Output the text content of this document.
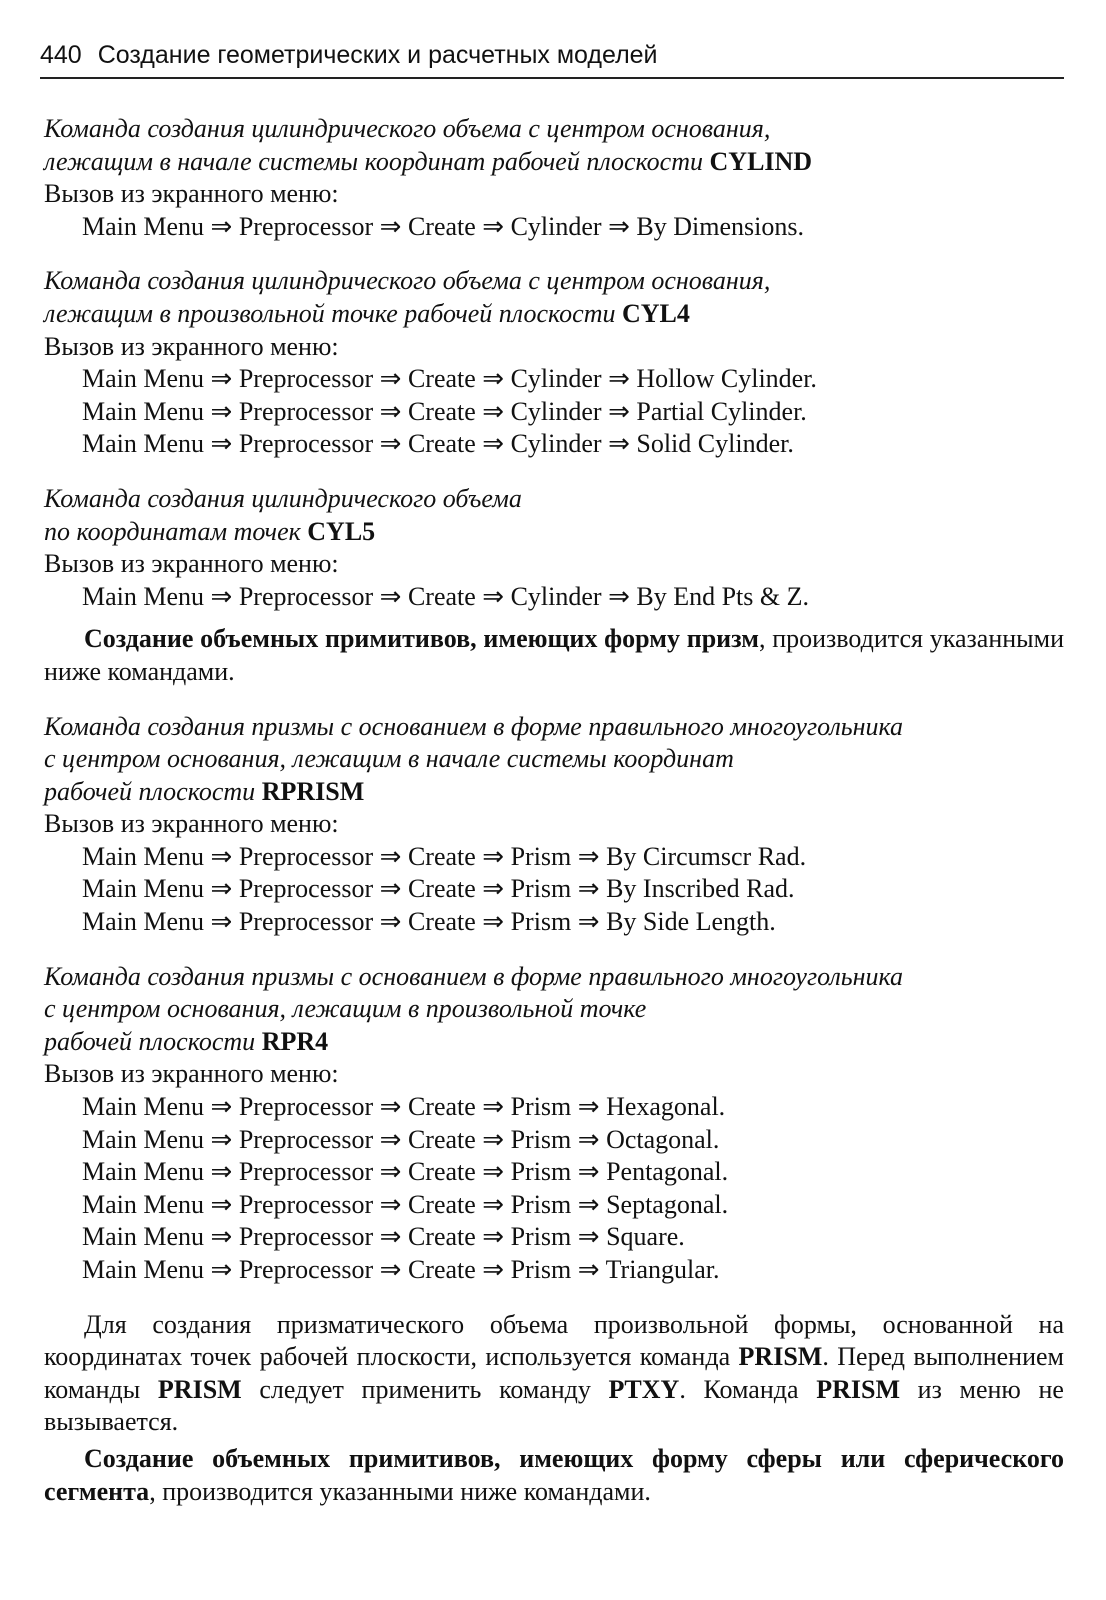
440 Создание геометрических и расчетных моделей
Команда создания цилиндрического объема с центром основания,
лежащим в начале системы координат рабочей плоскости CYLIND
Вызов из экранного меню:
Main Menu ⇒ Preprocessor ⇒ Create ⇒ Cylinder ⇒ By Dimensions.
Команда создания цилиндрического объема с центром основания,
лежащим в произвольной точке рабочей плоскости CYL4
Вызов из экранного меню:
Main Menu ⇒ Preprocessor ⇒ Create ⇒ Cylinder ⇒ Hollow Cylinder.
Main Menu ⇒ Preprocessor ⇒ Create ⇒ Cylinder ⇒ Partial Cylinder.
Main Menu ⇒ Preprocessor ⇒ Create ⇒ Cylinder ⇒ Solid Cylinder.
Команда создания цилиндрического объема
по координатам точек CYL5
Вызов из экранного меню:
Main Menu ⇒ Preprocessor ⇒ Create ⇒ Cylinder ⇒ By End Pts & Z.
Создание объемных примитивов, имеющих форму призм, производится указанными ниже командами.
Команда создания призмы с основанием в форме правильного многоугольника
с центром основания, лежащим в начале системы координат
рабочей плоскости RPRISM
Вызов из экранного меню:
Main Menu ⇒ Preprocessor ⇒ Create ⇒ Prism ⇒ By Circumscr Rad.
Main Menu ⇒ Preprocessor ⇒ Create ⇒ Prism ⇒ By Inscribed Rad.
Main Menu ⇒ Preprocessor ⇒ Create ⇒ Prism ⇒ By Side Length.
Команда создания призмы с основанием в форме правильного многоугольника
с центром основания, лежащим в произвольной точке
рабочей плоскости RPR4
Вызов из экранного меню:
Main Menu ⇒ Preprocessor ⇒ Create ⇒ Prism ⇒ Hexagonal.
Main Menu ⇒ Preprocessor ⇒ Create ⇒ Prism ⇒ Octagonal.
Main Menu ⇒ Preprocessor ⇒ Create ⇒ Prism ⇒ Pentagonal.
Main Menu ⇒ Preprocessor ⇒ Create ⇒ Prism ⇒ Septagonal.
Main Menu ⇒ Preprocessor ⇒ Create ⇒ Prism ⇒ Square.
Main Menu ⇒ Preprocessor ⇒ Create ⇒ Prism ⇒ Triangular.
Для создания призматического объема произвольной формы, основанной на координатах точек рабочей плоскости, используется команда PRISM. Перед выполнением команды PRISM следует применить команду PTXY. Команда PRISM из меню не вызывается.
Создание объемных примитивов, имеющих форму сферы или сферического сегмента, производится указанными ниже командами.
